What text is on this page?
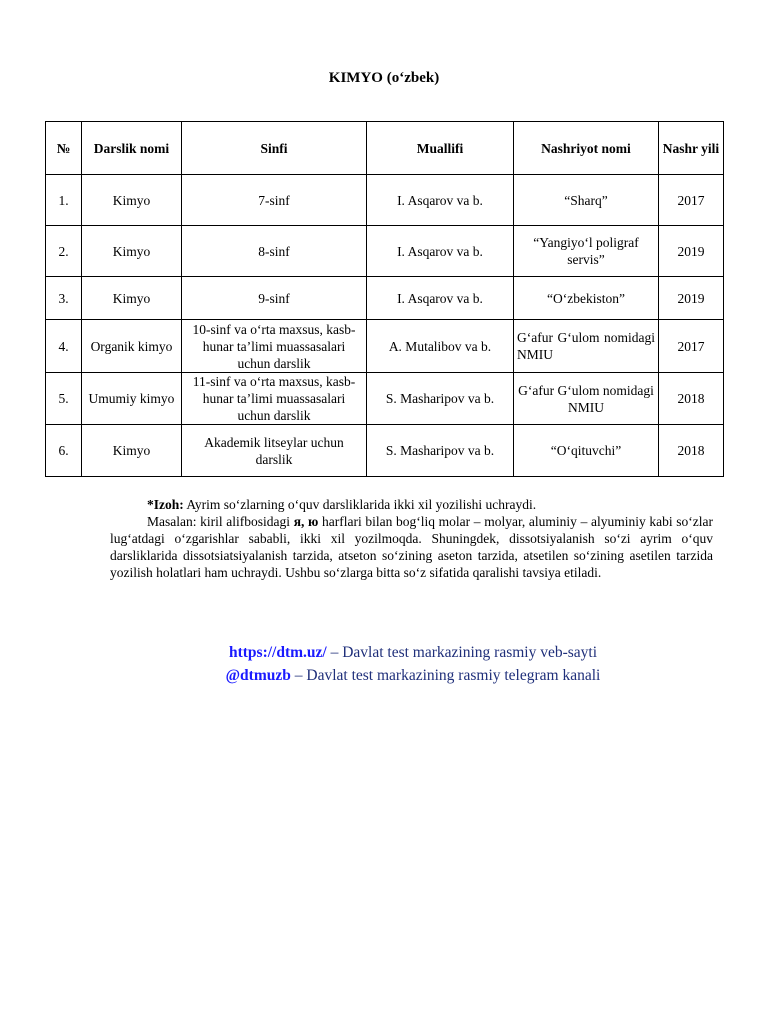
KIMYO (o‘zbek)
№	Darslik nomi	Sinfi	Muallifi	Nashriyot nomi	Nashr yili
1.	Kimyo	7-sinf	I. Asqarov va b.	“Sharq”	2017
2.	Kimyo	8-sinf	I. Asqarov va b.	“Yangiyo‘l poligraf servis”	2019
3.	Kimyo	9-sinf	I. Asqarov va b.	“O‘zbekiston”	2019
4.	Organik kimyo	10-sinf va o‘rta maxsus, kasb-hunar ta’limi muassasalari uchun darslik	A. Mutalibov va b.	G‘afur G‘ulom nomidagi NMIU	2017
5.	Umumiy kimyo	11-sinf va o‘rta maxsus, kasb-hunar ta’limi muassasalari uchun darslik	S. Masharipov va b.	G‘afur G‘ulom nomidagi NMIU	2018
6.	Kimyo	Akademik litseylar uchun darslik	S. Masharipov va b.	“O‘qituvchi”	2018

*Izoh: Ayrim so‘zlarning o‘quv darsliklarida ikki xil yozilishi uchraydi.

Masalan: kiril alifbosidagi я, ю harflari bilan bog‘liq molar – molyar, aluminiy – alyuminiy kabi so‘zlar lug‘atdagi o‘zgarishlar sababli, ikki xil yozilmoqda. Shuningdek, dissotsiyalanish so‘zi ayrim o‘quv darsliklarida dissotsiatsiyalanish tarzida, atseton so‘zining aseton tarzida, atsetilen so‘zining asetilen tarzida yozilish holatlari ham uchraydi. Ushbu so‘zlarga bitta so‘z sifatida qaralishi tavsiya etiladi.

https://dtm.uz/ – Davlat test markazining rasmiy veb-sayti
@dtmuzb – Davlat test markazining rasmiy telegram kanali
